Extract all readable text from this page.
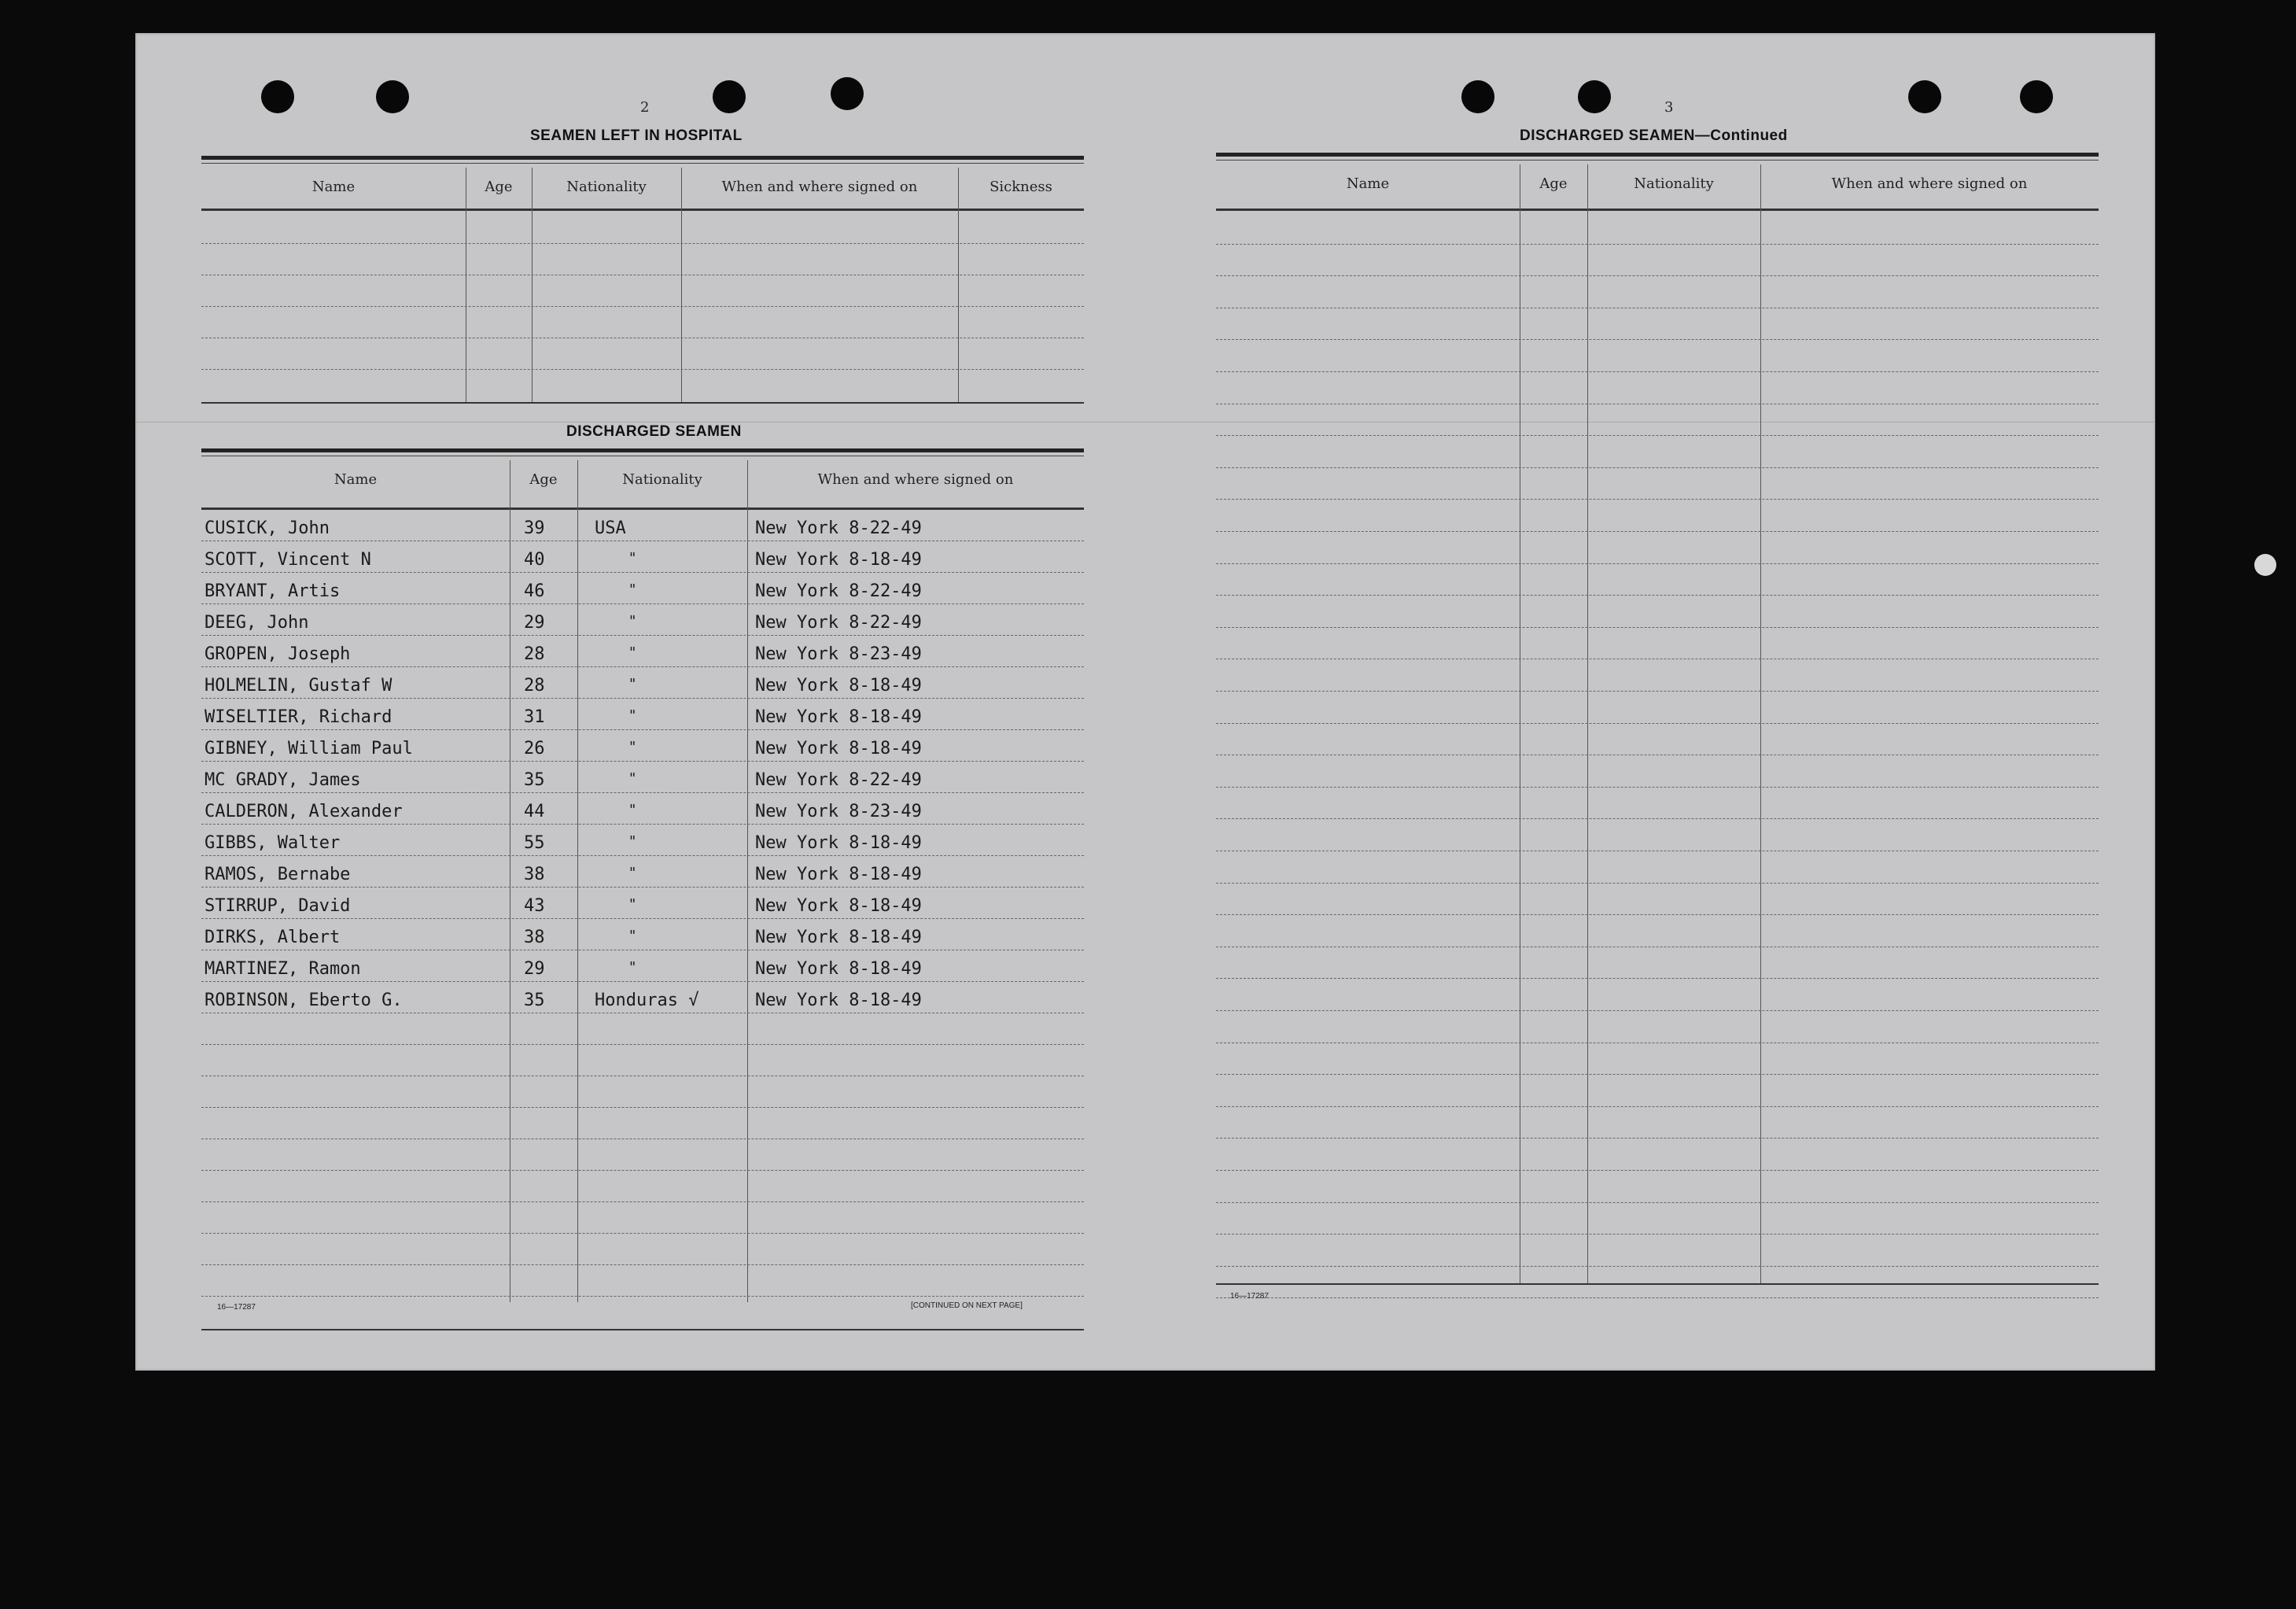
2
SEAMEN LEFT IN HOSPITAL
Name	Age	Nationality	When and where signed on	Sickness
DISCHARGED SEAMEN
Name	Age	Nationality	When and where signed on
CUSICK, John	39	USA	New York 8-22-49
SCOTT, Vincent N	40	"	New York 8-18-49
BRYANT, Artis	46	"	New York 8-22-49
DEEG, John	29	"	New York 8-22-49
GROPEN, Joseph	28	"	New York 8-23-49
HOLMELIN, Gustaf W	28	"	New York 8-18-49
WISELTIER, Richard	31	"	New York 8-18-49
GIBNEY, William Paul	26	"	New York 8-18-49
MC GRADY, James	35	"	New York 8-22-49
CALDERON, Alexander	44	"	New York 8-23-49
GIBBS, Walter	55	"	New York 8-18-49
RAMOS, Bernabe	38	"	New York 8-18-49
STIRRUP, David	43	"	New York 8-18-49
DIRKS, Albert	38	"	New York 8-18-49
MARTINEZ, Ramon	29	"	New York 8-18-49
ROBINSON, Eberto G.	35	Honduras √	New York 8-18-49
16—17287	[CONTINUED ON NEXT PAGE]
3
DISCHARGED SEAMEN—Continued
Name	Age	Nationality	When and where signed on
16—17287
